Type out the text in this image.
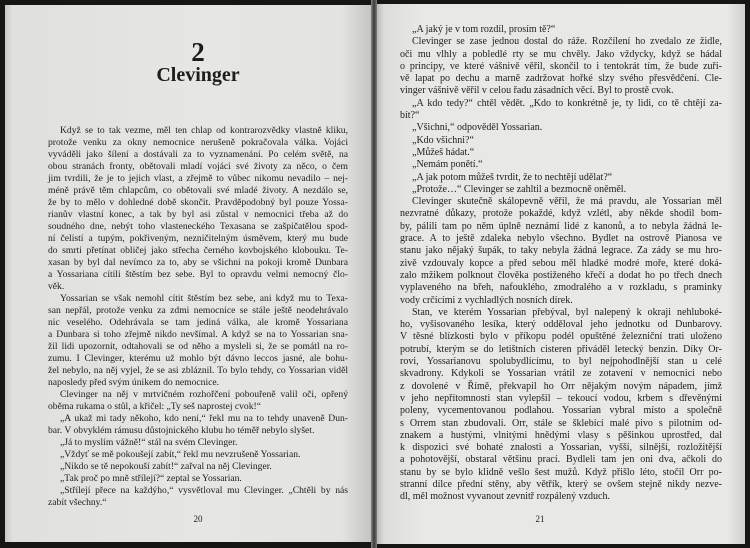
2
Clevinger
Když se to tak vezme, měl ten chlap od kontrarozvědky vlastně kliku,
protože venku za okny nemocnice nerušeně pokračovala válka. Vojáci
vyváděli jako šílení a dostávali za to vyznamenání. Po celém světě, na
obou stranách fronty, obětovali mladí vojáci své životy za něco, o čem
jim tvrdili, že je to jejich vlast, a zřejmě to vůbec nikomu nevadilo – nej-
méně právě těm chlapcům, co obětovali své mladé životy. A nezdálo se,
že by to mělo v dohledné době skončit. Pravděpodobný byl pouze Yossa-
rianův vlastní konec, a tak by byl asi zůstal v nemocnici třeba až do
soudného dne, nebýt toho vlasteneckého Texasana se zašpičatělou spod-
ní čelistí a tupým, pokřiveným, nezničitelným úsměvem, který mu bude
do smrti přetínat obličej jako střecha černého kovbojského klobouku. Te-
xasan by byl dal nevímco za to, aby se všichni na pokoji kromě Dunbara
a Yossariana cítili štěstím bez sebe. Byl to opravdu velmi nemocný člo-
věk.
Yossarian se však nemohl cítit štěstím bez sebe, ani když mu to Texa-
san nepřál, protože venku za zdmi nemocnice se stále ještě neodehrávalo
nic veselého. Odehrávala se tam jediná válka, ale kromě Yossariana
a Dunbara si toho zřejmě nikdo nevšímal. A když se na to Yossarian sna-
žil lidi upozornit, odtahovali se od něho a mysleli si, že se pomátl na ro-
zumu. I Clevinger, kterému už mohlo být dávno leccos jasné, ale bohu-
žel nebylo, na něj vyjel, že se asi zbláznil. To bylo tehdy, co Yossarian viděl
naposledy před svým únikem do nemocnice.
Clevinger na něj v mrtvičném rozhořčení pobouřeně valil oči, opřený
oběma rukama o stůl, a křičel: „Ty seš naprostej cvok!“
„A ukaž mi tady někoho, kdo není,“ řekl mu na to tehdy unaveně Dun-
bar. V obvyklém rámusu důstojnického klubu ho téměř nebylo slyšet.
„Já to myslím vážně!“ stál na svém Clevinger.
„Vždyť se mě pokoušejí zabít,“ řekl mu nevzrušeně Yossarian.
„Nikdo se tě nepokouší zabít!“ zařval na něj Clevinger.
„Tak proč po mně střílejí?“ zeptal se Yossarian.
„Střílejí přece na každýho,“ vysvětloval mu Clevinger. „Chtěli by nás
zabít všechny.“
20
„A jaký je v tom rozdíl, prosím tě?“
Clevinger se zase jednou dostal do ráže. Rozčílení ho zvedalo ze židle,
oči mu vlhly a pobledlé rty se mu chvěly. Jako vždycky, když se hádal
o principy, ve které vášnivě věřil, skončil to i tentokrát tím, že bude zuři-
vě lapat po dechu a marně zadržovat hořké slzy svého přesvědčení. Cle-
vinger vášnivě věřil v celou řadu zásadních věcí. Byl to prostě cvok.
„A kdo tedy?“ chtěl vědět. „Kdo to konkrétně je, ty lidi, co tě chtějí za-
bít?“
„Všichni,“ odpověděl Yossarian.
„Kdo všichni?“
„Můžeš hádat.“
„Nemám ponětí.“
„A jak potom můžeš tvrdit, že to nechtějí udělat?“
„Protože…“ Clevinger se zahltil a bezmocně oněměl.
Clevinger skutečně skálopevně věřil, že má pravdu, ale Yossarian měl
nezvratné důkazy, protože pokaždé, když vzlétl, aby někde shodil bom-
by, pálili tam po něm úplně neznámí lidé z kanonů, a to nebyla žádná le-
grace. A to ještě zdaleka nebylo všechno. Bydlet na ostrově Pianosa ve
stanu jako nějaký šupák, to taky nebyla žádná legrace. Za zády se mu hro-
zivě vzdouvaly kopce a před sebou měl hladké modré moře, které doká-
zalo mžikem polknout člověka postiženého křečí a dodat ho po třech dnech
vyplaveného na břeh, nafouklého, zmodralého a v rozkladu, s praminky
vody crčícími z vychladlých nosních dírek.
Stan, ve kterém Yossarian přebýval, byl nalepený k okraji nehluboké-
ho, vyšisovaného lesíka, který odděloval jeho jednotku od Dunbarovy.
V těsné blízkosti bylo v příkopu podél opuštěné železniční trati uloženo
potrubí, kterým se do letištních cisteren přiváděl letecký benzin. Díky Or-
rovi, Yossarianovu spolubydlícímu, to byl nejpohodlnější stan u celé
skvadrony. Kdykoli se Yossarian vrátil ze zotavení v nemocnici nebo
z dovolené v Římě, překvapil ho Orr nějakým novým nápadem, jímž
v jeho nepřítomnosti stan vylepšil – tekoucí vodou, krbem s dřevěnými
poleny, vycementovanou podlahou. Yossarian vybral místo a společně
s Orrem stan zbudovali. Orr, stále se šklebící malé pivo s pilotním od-
znakem a hustými, vlnitými hnědými vlasy s pěšinkou uprostřed, dal
k dispozici své bohaté znalosti a Yossarian, vyšší, silnější, rozložitější
a pohotovější, obstaral většinu prací. Bydleli tam jen oni dva, ačkoli do
stanu by se bylo klidně vešlo šest mužů. Když přišlo léto, stočil Orr po-
stranní dílce přední stěny, aby větřík, který se ovšem stejně nikdy nezve-
dl, měl možnost vyvanout zevnitř rozpálený vzduch.
21
